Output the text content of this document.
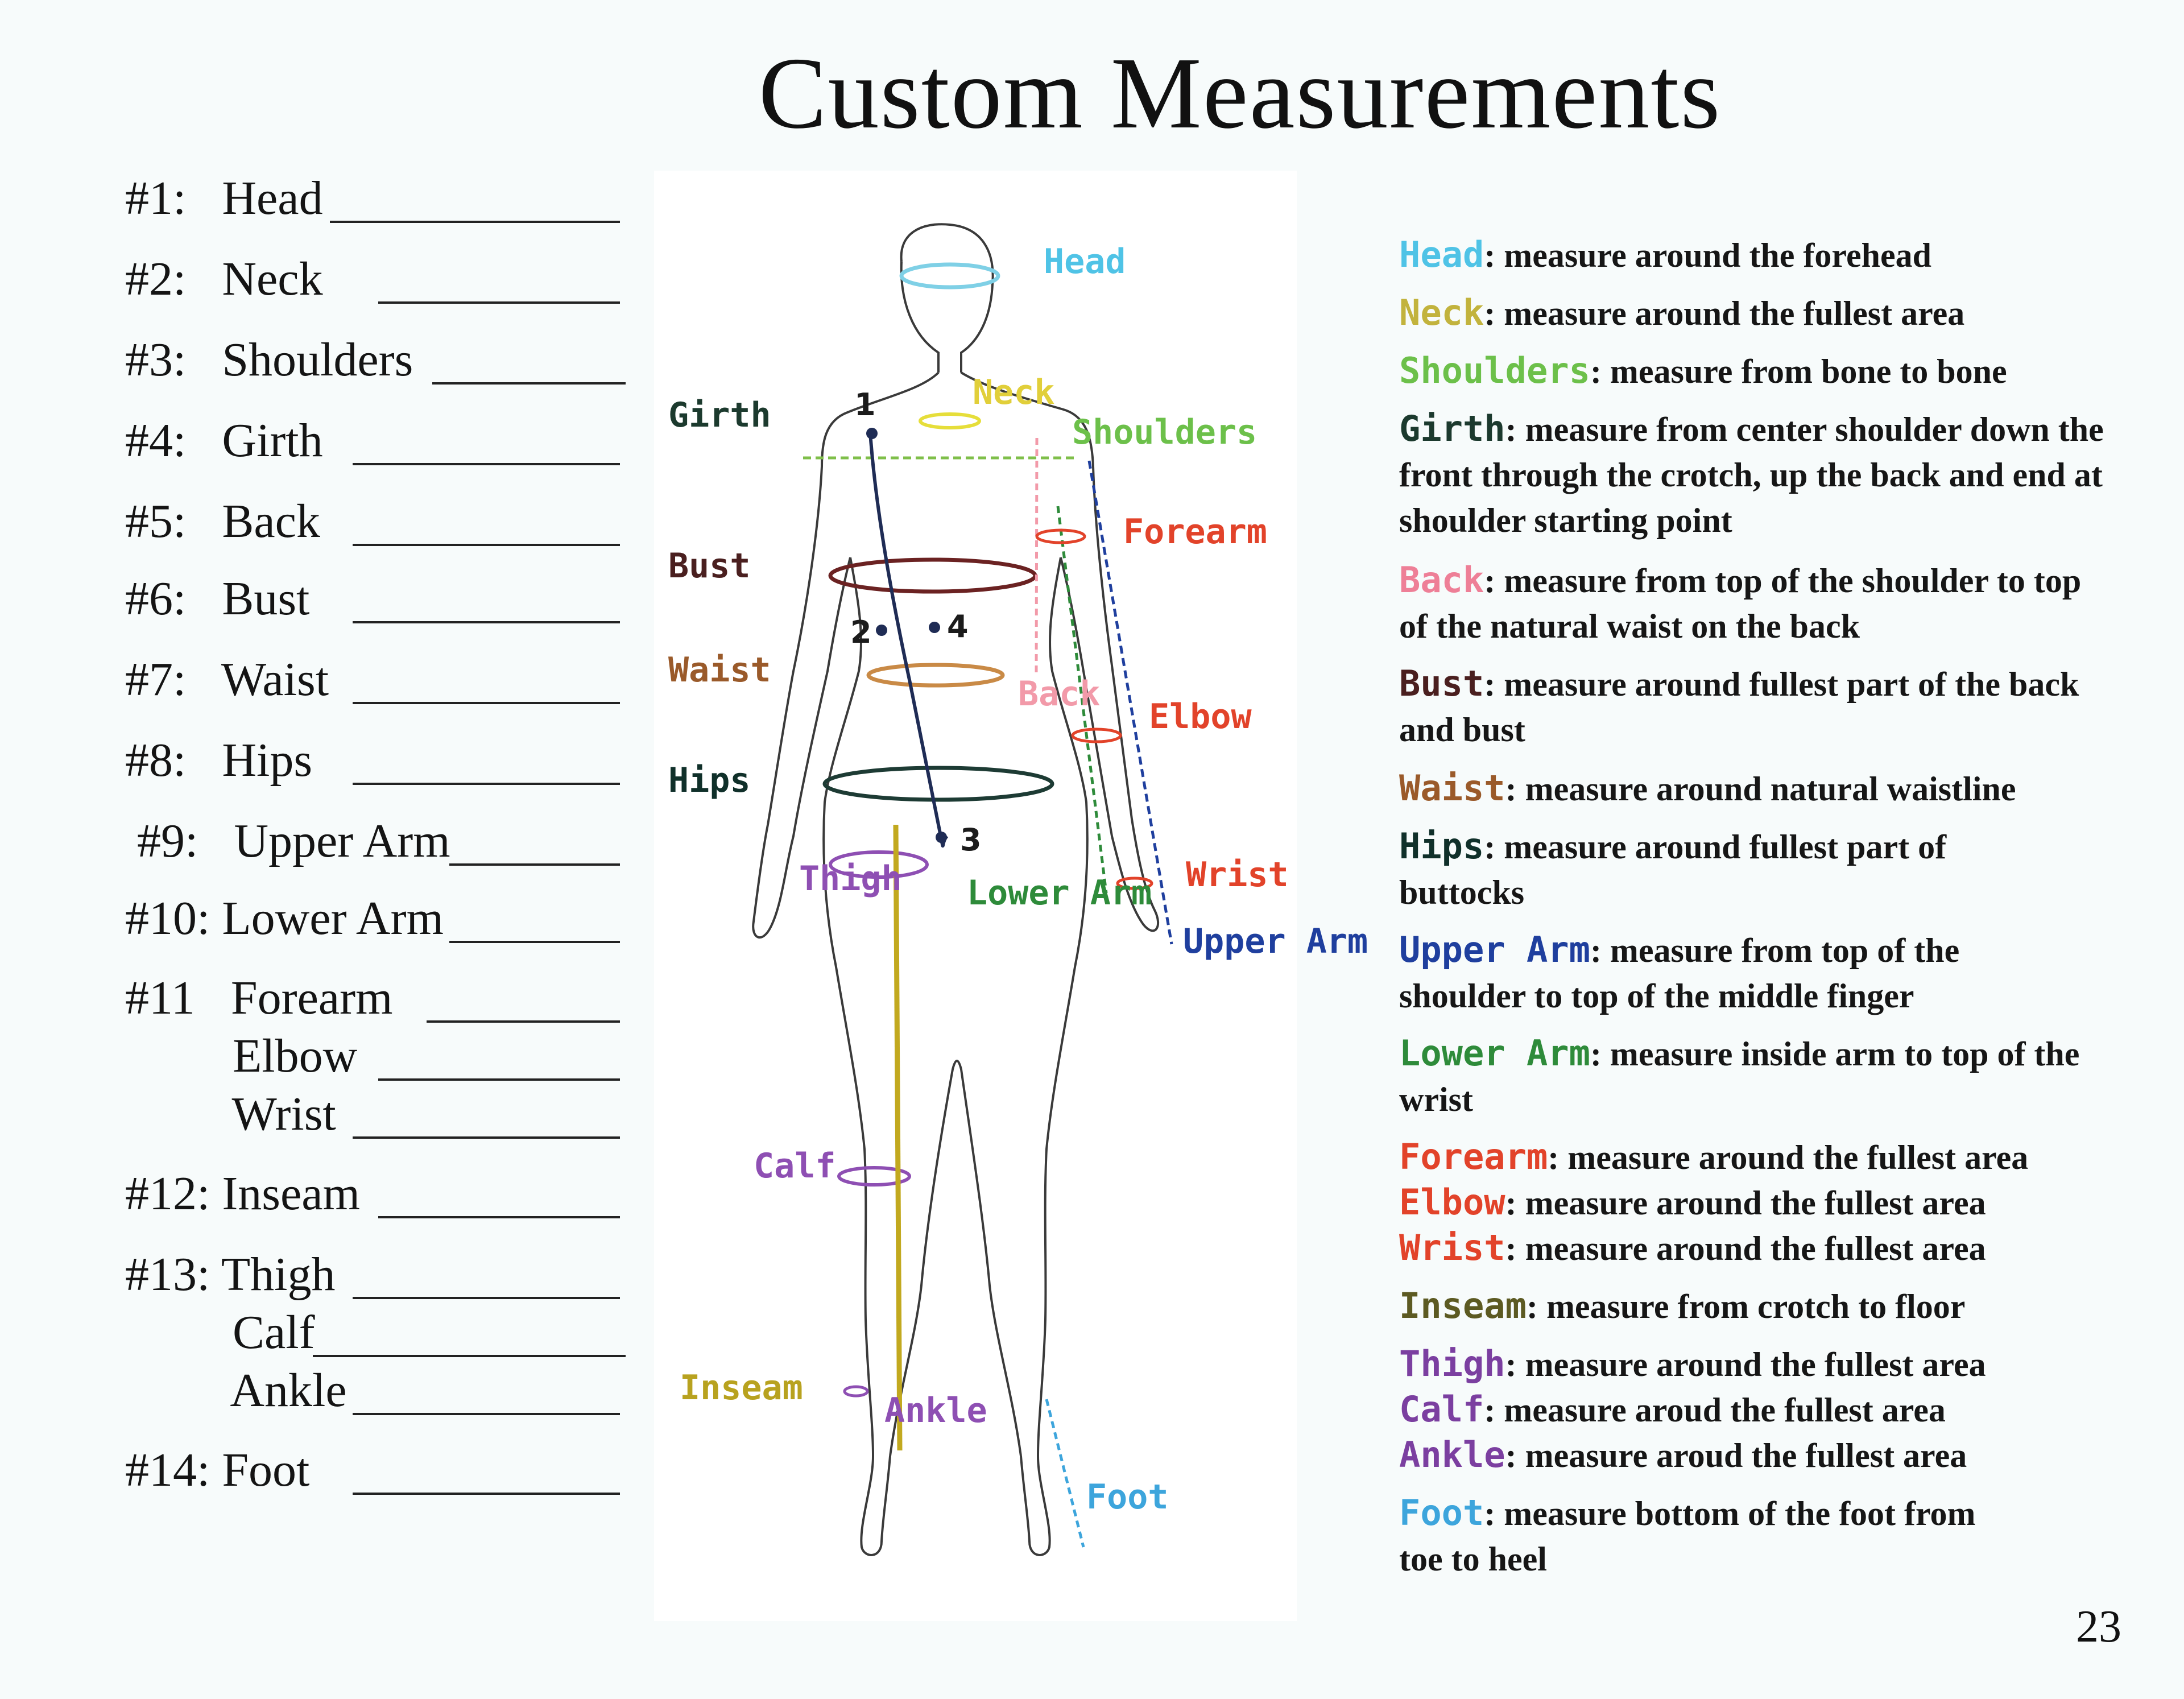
Custom Measurements
#1:   Head
#2:   Neck
#3:   Shoulders
#4:   Girth
#5:   Back
#6:   Bust
#7:   Waist
#8:   Hips
#9:   Upper Arm
#10: Lower Arm
#11   Forearm
Elbow
Wrist
#12: Inseam
#13: Thigh
Calf
Ankle
#14: Foot
1
2 4
3
Head
Neck
Shoulders
Girth
Bust
Waist
Hips
Back
Forearm
Elbow
Wrist
Thigh Lower Arm
Upper Arm
Calf
Inseam
Ankle
Foot
Head: measure around the forehead
Neck: measure around the fullest area
Shoulders: measure from bone to bone
Girth: measure from center shoulder down the front through the crotch, up the back and end at shoulder starting point
Back: measure from top of the shoulder to top of the natural waist on the back
Bust: measure around fullest part of the back and bust
Waist: measure around natural waistline
Hips: measure around fullest part of buttocks
Upper Arm: measure from top of the shoulder to top of the middle finger
Lower Arm: measure inside arm to top of the wrist
Forearm: measure around the fullest area
Elbow: measure around the fullest area
Wrist: measure around the fullest area
Inseam: measure from crotch to floor
Thigh: measure around the fullest area
Calf: measure aroud the fullest area
Ankle: measure aroud the fullest area
Foot: measure bottom of the foot from toe to heel
23
